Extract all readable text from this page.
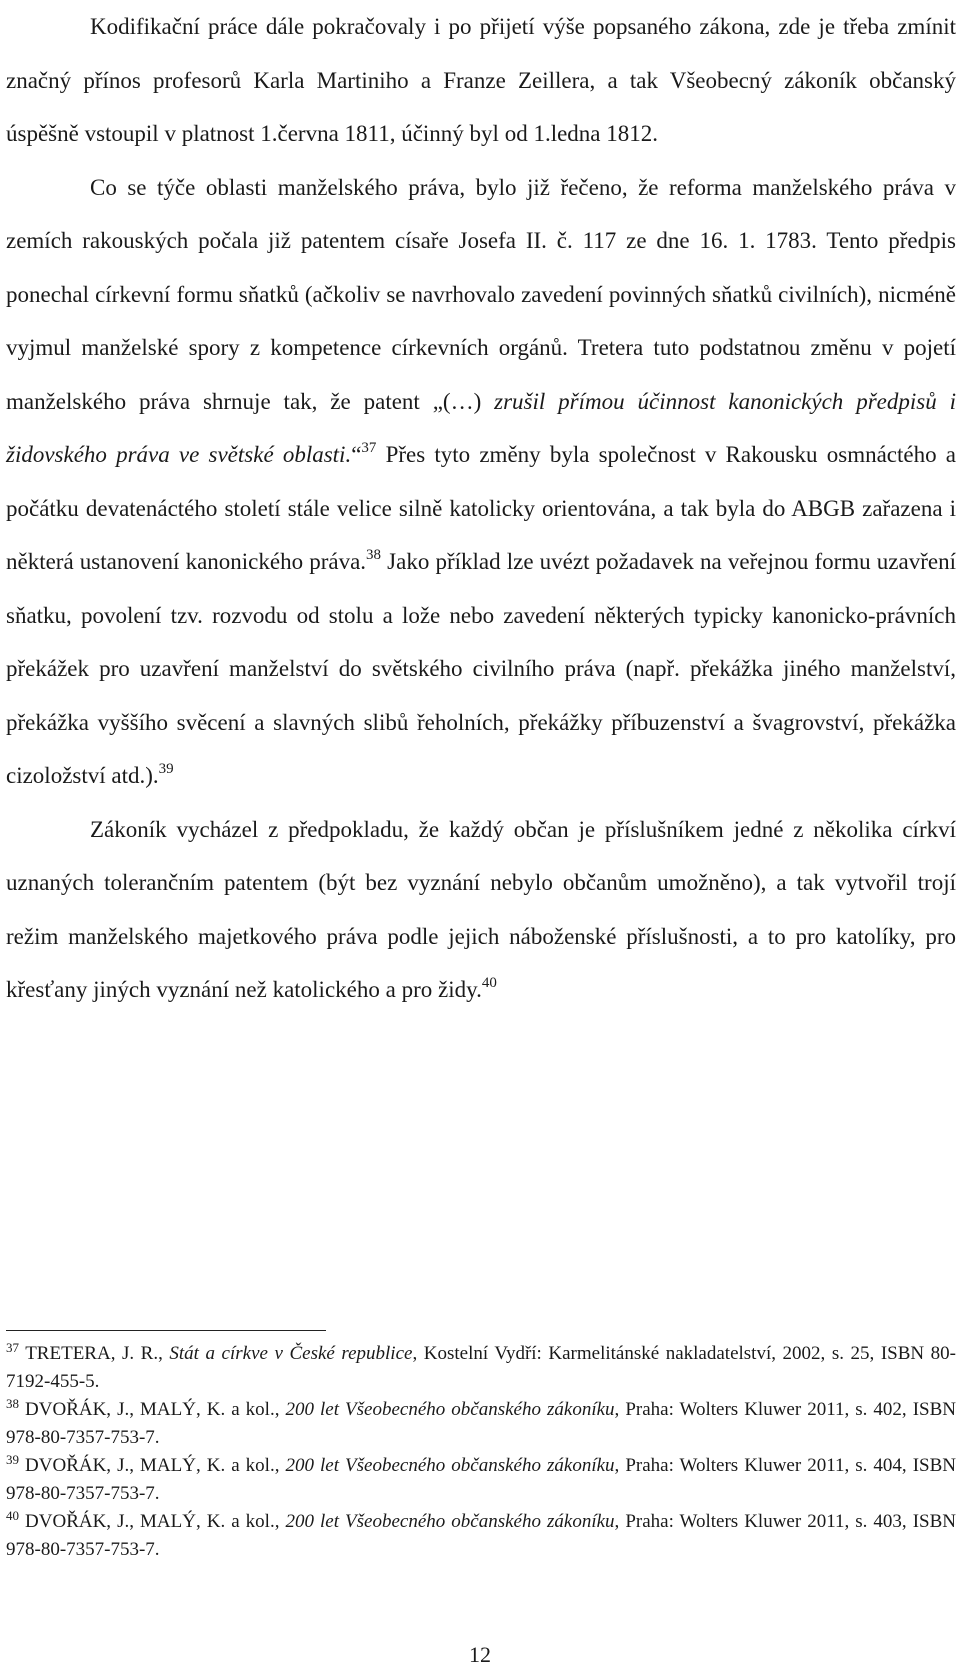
Kodifikační práce dále pokračovaly i po přijetí výše popsaného zákona, zde je třeba zmínit značný přínos profesorů Karla Martiniho a Franze Zeillera, a tak Všeobecný zákoník občanský úspěšně vstoupil v platnost 1.června 1811, účinný byl od 1.ledna 1812.

Co se týče oblasti manželského práva, bylo již řečeno, že reforma manželského práva v zemích rakouských počala již patentem císaře Josefa II. č. 117 ze dne 16. 1. 1783. Tento předpis ponechal církevní formu sňatků (ačkoliv se navrhovalo zavedení povinných sňatků civilních), nicméně vyjmul manželské spory z kompetence církevních orgánů. Tretera tuto podstatnou změnu v pojetí manželského práva shrnuje tak, že patent „(…) zrušil přímou účinnost kanonických předpisů i židovského práva ve světské oblasti.“$^{37}$ Přes tyto změny byla společnost v Rakousku osmnáctého a počátku devatenáctého století stále velice silně katolicky orientována, a tak byla do ABGB zařazena i některá ustanovení kanonického práva.$^{38}$ Jako příklad lze uvézt požadavek na veřejnou formu uzavření sňatku, povolení tzv. rozvodu od stolu a lože nebo zavedení některých typicky kanonicko-právních překážek pro uzavření manželství do světského civilního práva (např. překážka jiného manželství, překážka vyššího svěcení a slavných slibů řeholních, překážky příbuzenství a švagrovství, překážka cizoložství atd.).$^{39}$

Zákoník vycházel z předpokladu, že každý občan je příslušníkem jedné z několika církví uznaných tolerančním patentem (být bez vyznání nebylo občanům umožněno), a tak vytvořil trojí režim manželského majetkového práva podle jejich náboženské příslušnosti, a to pro katolíky, pro křesťany jiných vyznání než katolického a pro židy.$^{40}$

$^{37}$ TRETERA, J. R., Stát a církve v České republice, Kostelní Vydří: Karmelitánské nakladatelství, 2002, s. 25, ISBN 80-7192-455-5.

$^{38}$ DVOŘÁK, J., MALÝ, K. a kol., 200 let Všeobecného občanského zákoníku, Praha: Wolters Kluwer 2011, s. 402, ISBN 978-80-7357-753-7.

$^{39}$ DVOŘÁK, J., MALÝ, K. a kol., 200 let Všeobecného občanského zákoníku, Praha: Wolters Kluwer 2011, s. 404, ISBN 978-80-7357-753-7.

$^{40}$ DVOŘÁK, J., MALÝ, K. a kol., 200 let Všeobecného občanského zákoníku, Praha: Wolters Kluwer 2011, s. 403, ISBN 978-80-7357-753-7.

12
